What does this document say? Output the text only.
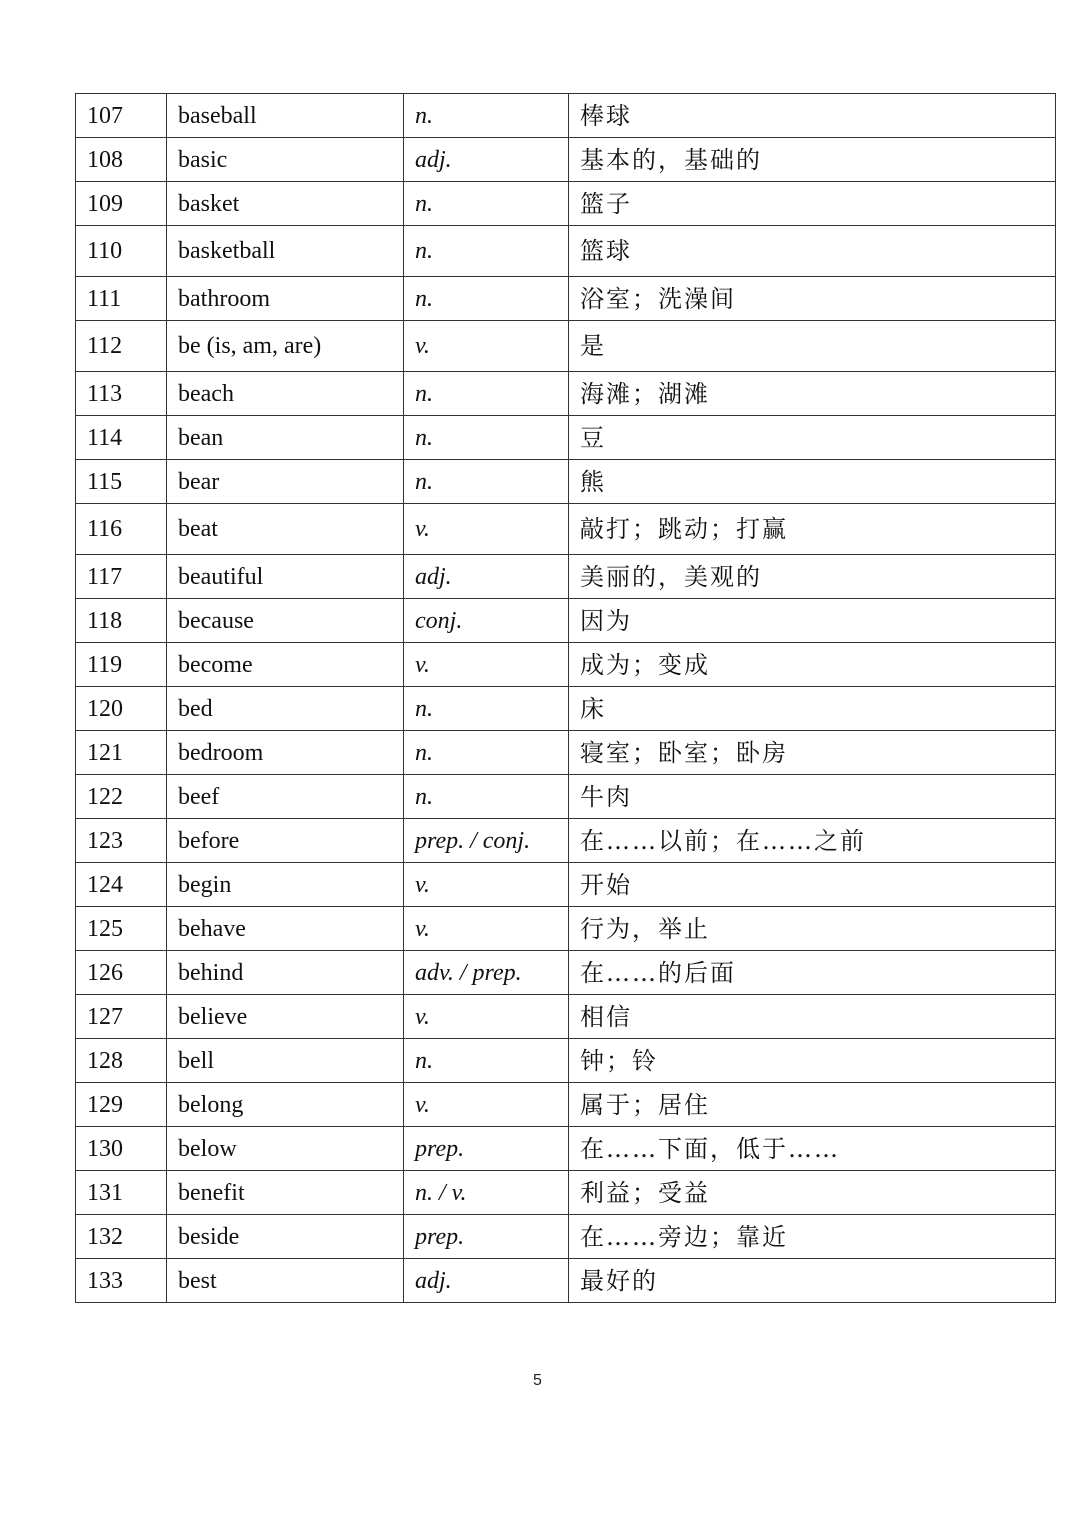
107	baseball	n.	棒球
108	basic	adj.	基本的，基础的
109	basket	n.	篮子
110	basketball	n.	篮球
111	bathroom	n.	浴室；洗澡间
112	be (is, am, are)	v.	是
113	beach	n.	海滩；湖滩
114	bean	n.	豆
115	bear	n.	熊
116	beat	v.	敲打；跳动；打赢
117	beautiful	adj.	美丽的，美观的
118	because	conj.	因为
119	become	v.	成为；变成
120	bed	n.	床
121	bedroom	n.	寝室；卧室；卧房
122	beef	n.	牛肉
123	before	prep. / conj.	在……以前；在……之前
124	begin	v.	开始
125	behave	v.	行为，举止
126	behind	adv. / prep.	在……的后面
127	believe	v.	相信
128	bell	n.	钟；铃
129	belong	v.	属于；居住
130	below	prep.	在……下面，低于……
131	benefit	n. / v.	利益；受益
132	beside	prep.	在……旁边；靠近
133	best	adj.	最好的
5
